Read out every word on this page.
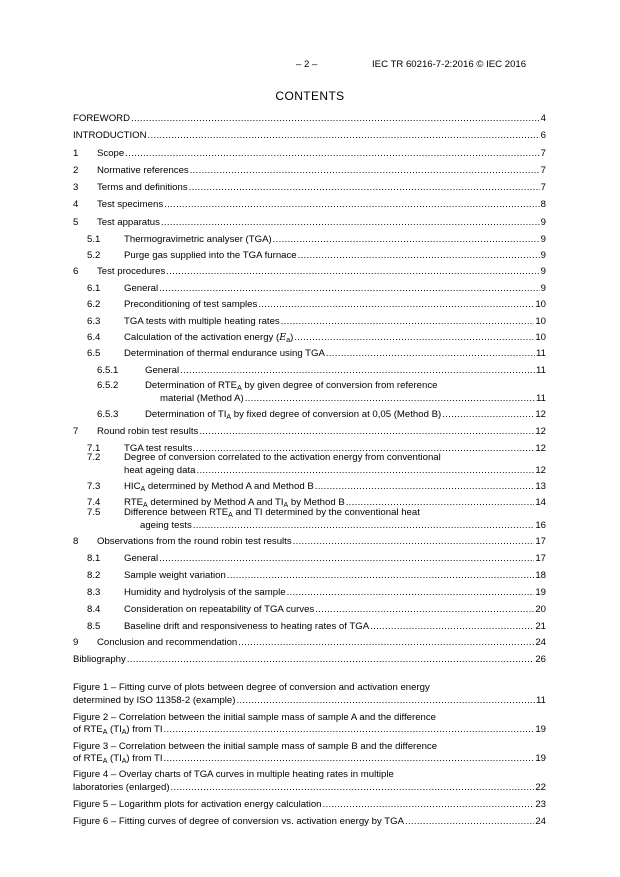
– 2 –	IEC TR 60216-7-2:2016 © IEC 2016
CONTENTS
FOREWORD .....	4
INTRODUCTION .....	6
1	Scope .....	7
2	Normative references .....	7
3	Terms and definitions .....	7
4	Test specimens .....	8
5	Test apparatus .....	9
5.1	Thermogravimetric analyser (TGA) .....	9
5.2	Purge gas supplied into the TGA furnace .....	9
6	Test procedures .....	9
6.1	General .....	9
6.2	Preconditioning of test samples .....	10
6.3	TGA tests with multiple heating rates .....	10
6.4	Calculation of the activation energy $(E_a)$ .....	10
6.5	Determination of thermal endurance using TGA .....	11
6.5.1	General .....	11
6.5.2	Determination of $RTE_A$ by given degree of conversion from reference
material (Method A) .....	11
6.5.3	Determination of $TI_A$ by fixed degree of conversion at 0,05 (Method B) .....	12
7	Round robin test results .....	12
7.1	TGA test results .....	12
7.2 Degree of conversion correlated to the activation energy from conventional
heat ageing data .....	12
7.3	$HIC_A$ determined by Method A and Method B .....	13
7.4	$RTE_A$ determined by Method A and $TI_A$ by Method B .....	14
7.5 Difference between $RTE_A$ and TI determined by the conventional heat
ageing tests .....	16
8	Observations from the round robin test results .....	17
8.1	General .....	17
8.2	Sample weight variation .....	18
8.3	Humidity and hydrolysis of the sample .....	19
8.4	Consideration on repeatability of TGA curves .....	20
8.5	Baseline drift and responsiveness to heating rates of TGA .....	21
9	Conclusion and recommendation .....	24
Bibliography .....	26
Figure 1 – Fitting curve of plots between degree of conversion and activation energy
determined by ISO 11358-2 (example) .....	11
Figure 2 – Correlation between the initial sample mass of sample A and the difference
of $RTE_A$ $(TI_A)$ from TI .....	19
Figure 3 – Correlation between the initial sample mass of sample B and the difference
of $RTE_A$ $(TI_A)$ from TI .....	19
Figure 4 – Overlay charts of TGA curves in multiple heating rates in multiple
laboratories (enlarged) .....	22
Figure 5 – Logarithm plots for activation energy calculation .....	23
Figure 6 – Fitting curves of degree of conversion vs. activation energy by TGA .....	24
